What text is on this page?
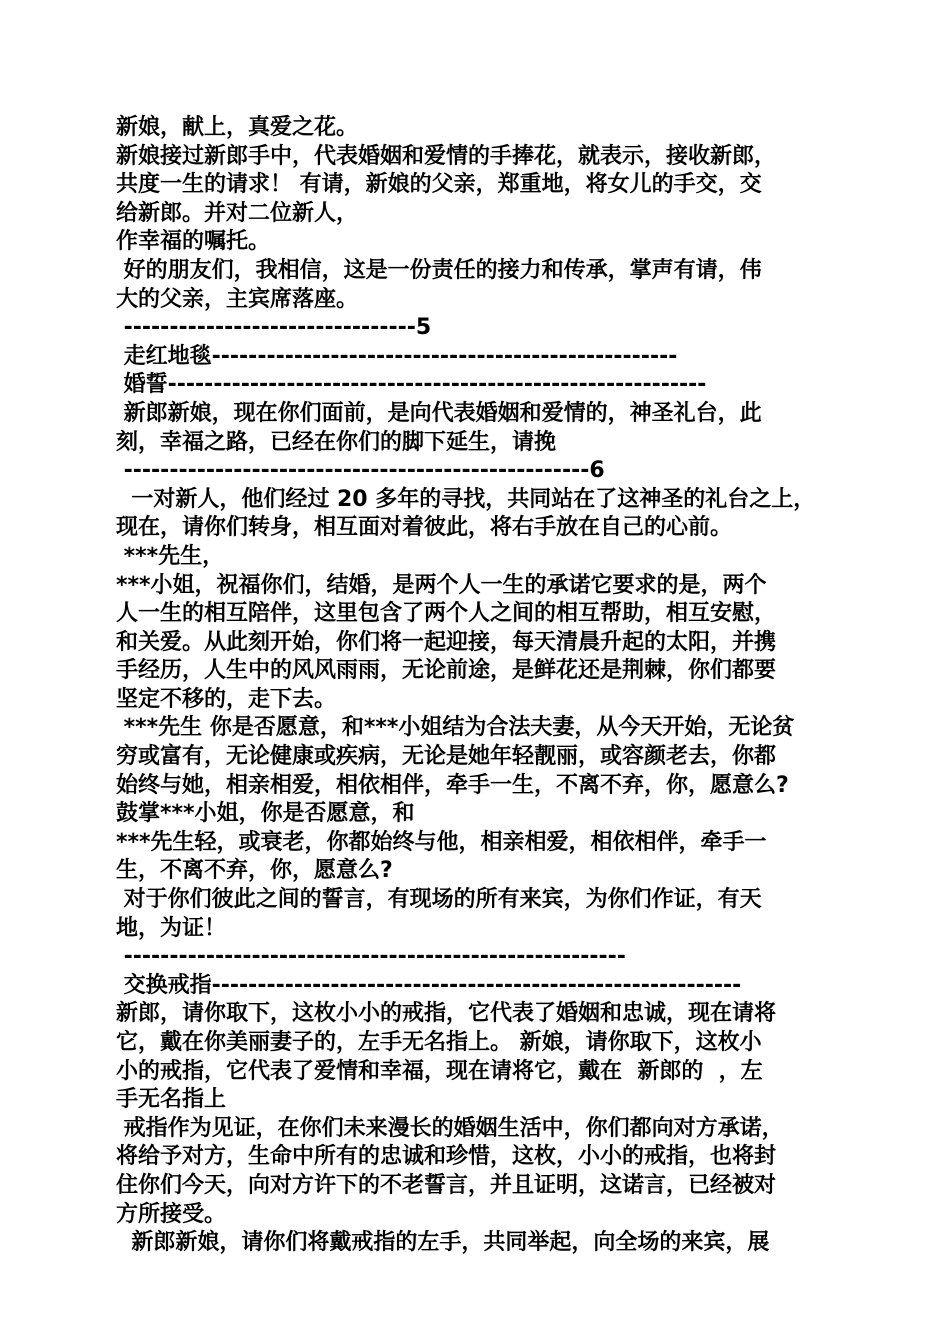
新娘，献上，真爱之花。
新娘接过新郎手中，代表婚姻和爱情的手捧花，就表示，接收新郎，
共度一生的请求！ 有请，新娘的父亲，郑重地，将女儿的手交，交
给新郎。并对二位新人，
作幸福的嘱托。
好的朋友们，我相信，这是一份责任的接力和传承，掌声有请，伟
大的父亲，主宾席落座。
--------------------------------5
走红地毯---------------------------------------------------
婚誓-----------------------------------------------------------
新郎新娘，现在你们面前，是向代表婚姻和爱情的，神圣礼台，此
刻，幸福之路，已经在你们的脚下延生，请挽
---------------------------------------------------6
一对新人，他们经过 20 多年的寻找，共同站在了这神圣的礼台之上，
现在，请你们转身，相互面对着彼此，将右手放在自己的心前。
***先生，
***小姐，祝福你们，结婚，是两个人一生的承诺它要求的是，两个
人一生的相互陪伴，这里包含了两个人之间的相互帮助，相互安慰，
和关爱。从此刻开始，你们将一起迎接，每天清晨升起的太阳，并携
手经历，人生中的风风雨雨，无论前途，是鲜花还是荆棘，你们都要
坚定不移的，走下去。
***先生 你是否愿意，和***小姐结为合法夫妻，从今天开始，无论贫
穷或富有，无论健康或疾病，无论是她年轻靓丽，或容颜老去，你都
始终与她，相亲相爱，相依相伴，牵手一生，不离不弃，你，愿意么?
鼓掌***小姐，你是否愿意，和
***先生轻，或衰老，你都始终与他，相亲相爱，相依相伴，牵手一
生，不离不弃，你，愿意么?
对于你们彼此之间的誓言，有现场的所有来宾，为你们作证，有天
地，为证！
-------------------------------------------------------
交换戒指----------------------------------------------------------
新郎，请你取下，这枚小小的戒指，它代表了婚姻和忠诚，现在请将
它，戴在你美丽妻子的，左手无名指上。 新娘，请你取下，这枚小
小的戒指，它代表了爱情和幸福，现在请将它，戴在  新郎的  ，左
手无名指上
戒指作为见证，在你们未来漫长的婚姻生活中，你们都向对方承诺，
将给予对方，生命中所有的忠诚和珍惜，这枚，小小的戒指，也将封
住你们今天，向对方许下的不老誓言，并且证明，这诺言，已经被对
方所接受。
新郎新娘，请你们将戴戒指的左手，共同举起，向全场的来宾，展
